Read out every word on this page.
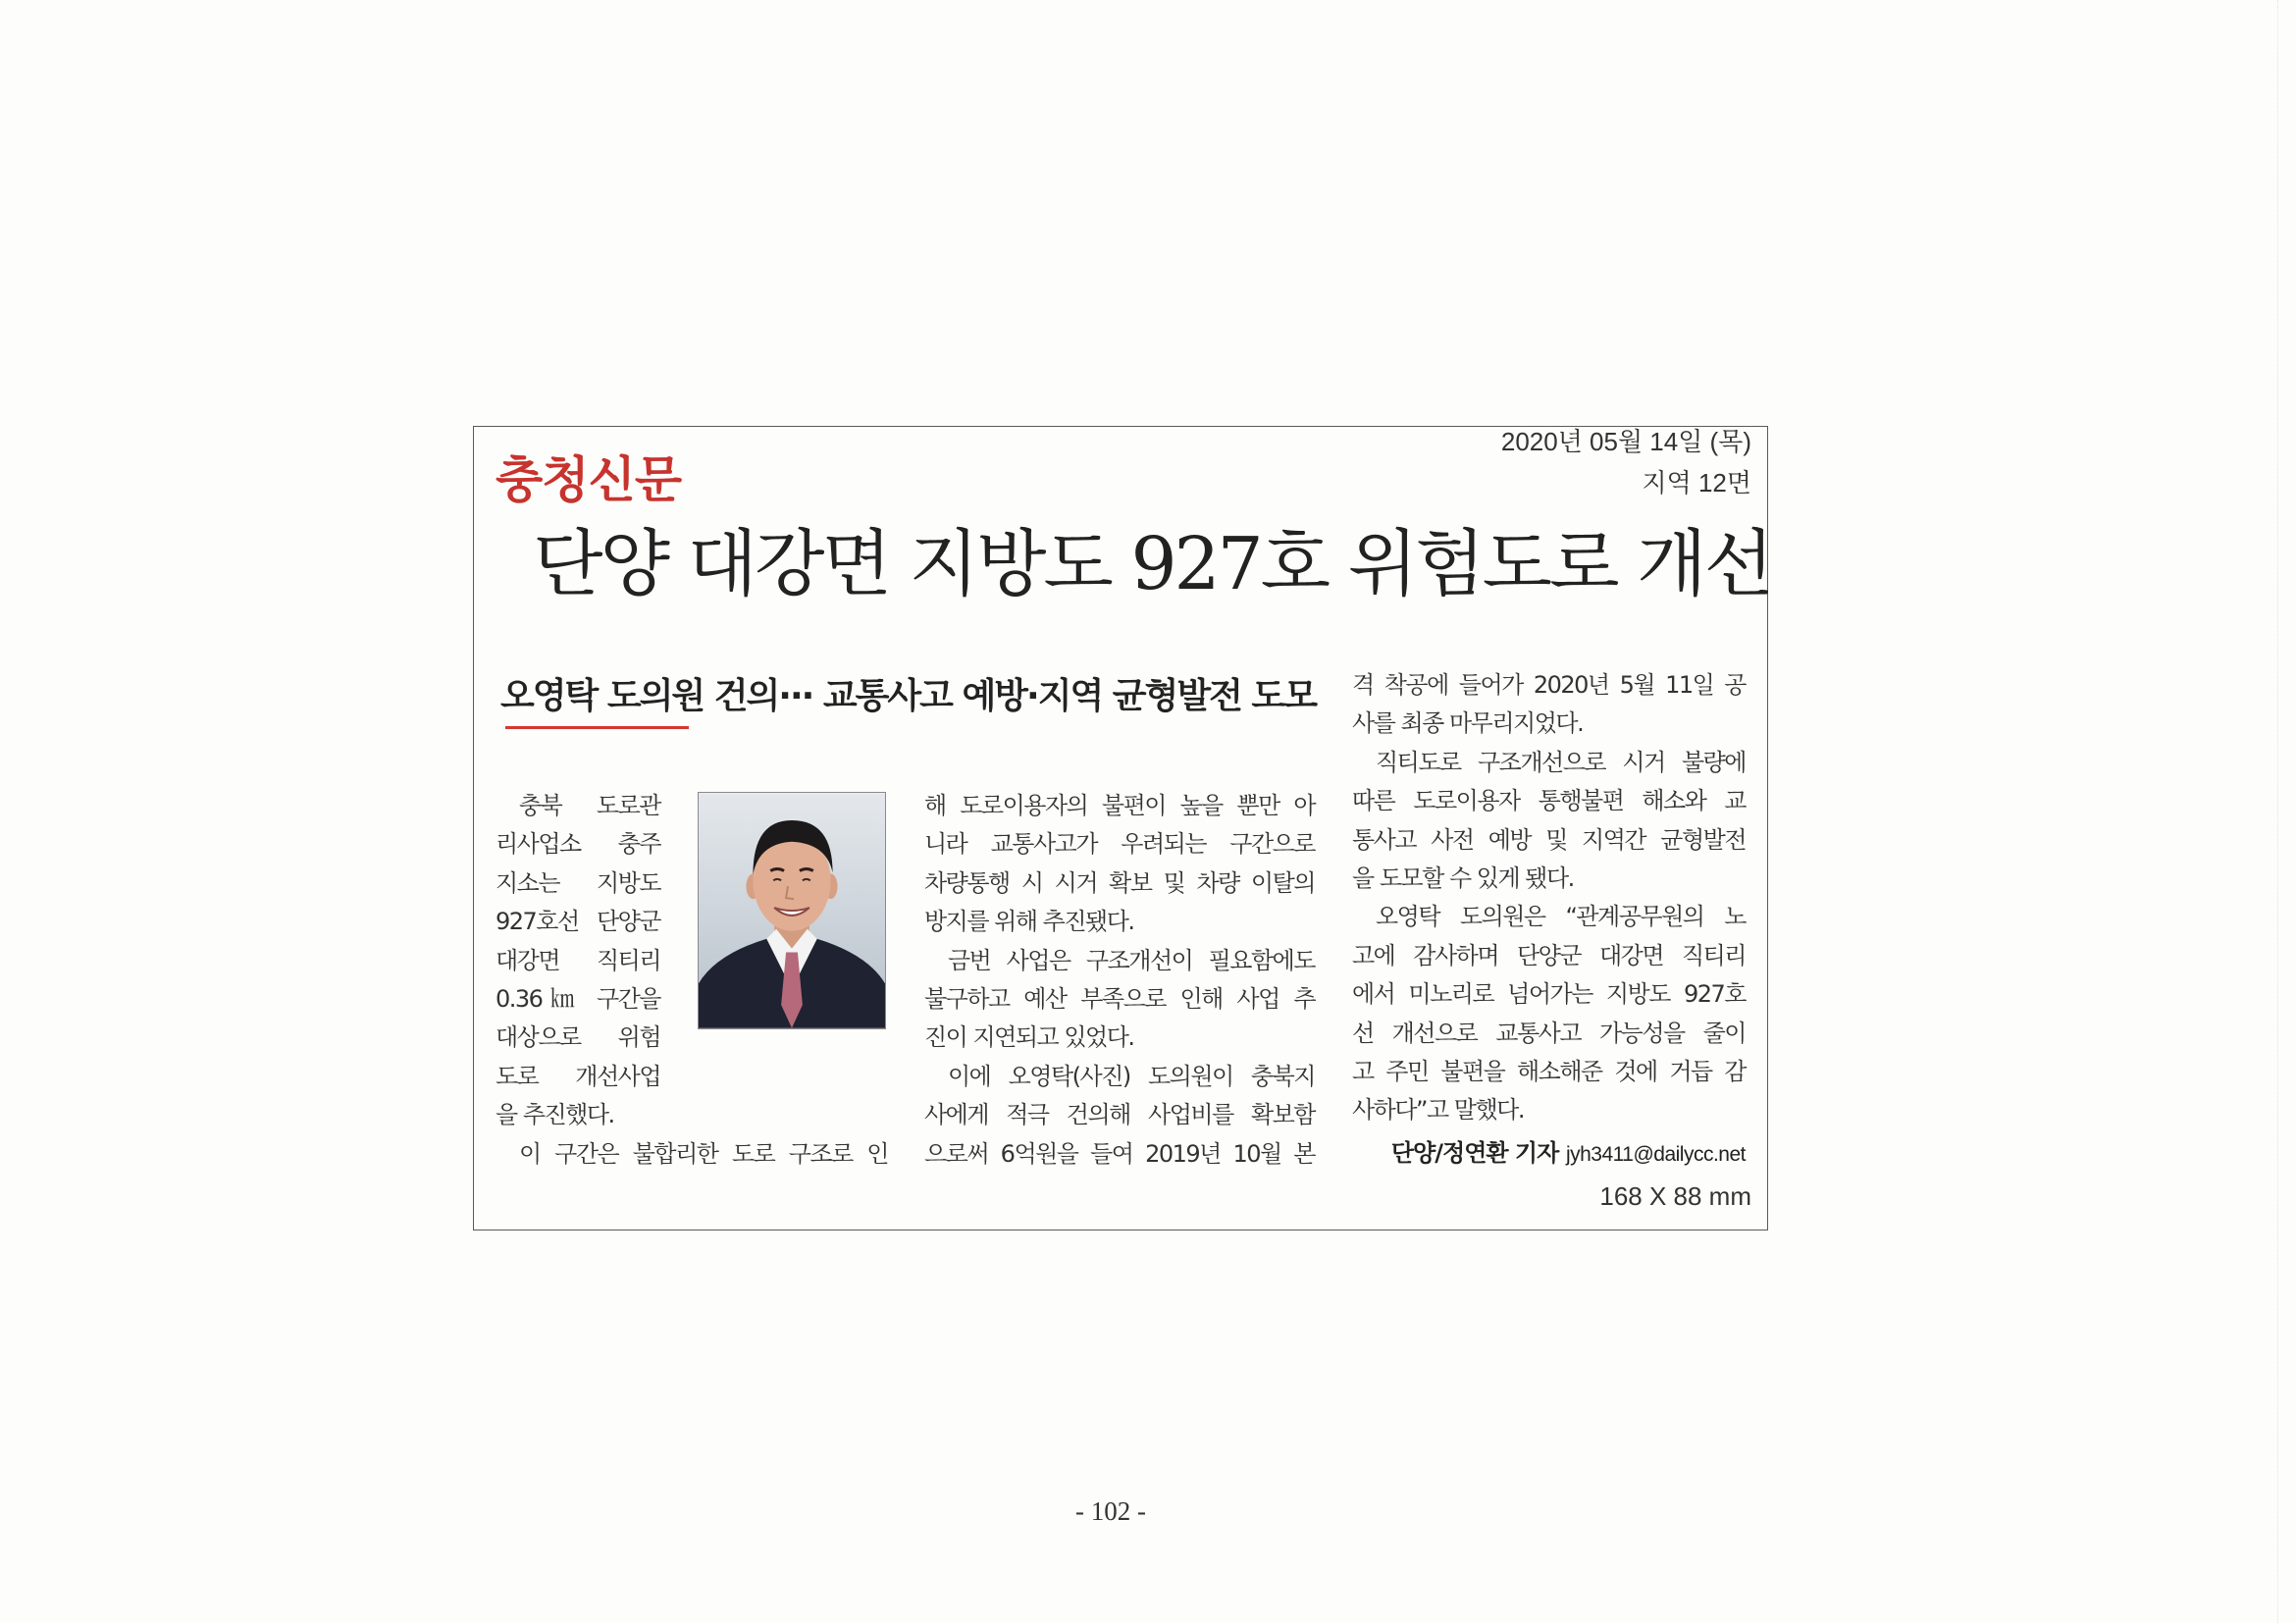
충청신문
2020년 05월 14일 (목)
지역 12면
단양 대강면 지방도 927호 위험도로 개선
오영탁 도의원 건의··· 교통사고 예방·지역 균형발전 도모
충북 도로관
리사업소 충주
지소는 지방도
927호선 단양군
대강면 직티리
0.36㎞ 구간을
대상으로 위험
도로 개선사업
을 추진했다.
이 구간은 불합리한 도로 구조로 인
해 도로이용자의 불편이 높을 뿐만 아
니라 교통사고가 우려되는 구간으로
차량통행 시 시거 확보 및 차량 이탈의
방지를 위해 추진됐다.
금번 사업은 구조개선이 필요함에도
불구하고 예산 부족으로 인해 사업 추
진이 지연되고 있었다.
이에 오영탁(사진) 도의원이 충북지
사에게 적극 건의해 사업비를 확보함
으로써 6억원을 들여 2019년 10월 본
격 착공에 들어가 2020년 5월 11일 공
사를 최종 마무리지었다.
직티도로 구조개선으로 시거 불량에
따른 도로이용자 통행불편 해소와 교
통사고 사전 예방 및 지역간 균형발전
을 도모할 수 있게 됐다.
오영탁 도의원은 “관계공무원의 노
고에 감사하며 단양군 대강면 직티리
에서 미노리로 넘어가는 지방도 927호
선 개선으로 교통사고 가능성을 줄이
고 주민 불편을 해소해준 것에 거듭 감
사하다”고 말했다.
단양/정연환 기자 jyh3411@dailycc.net
168 X 88 mm
- 102 -
